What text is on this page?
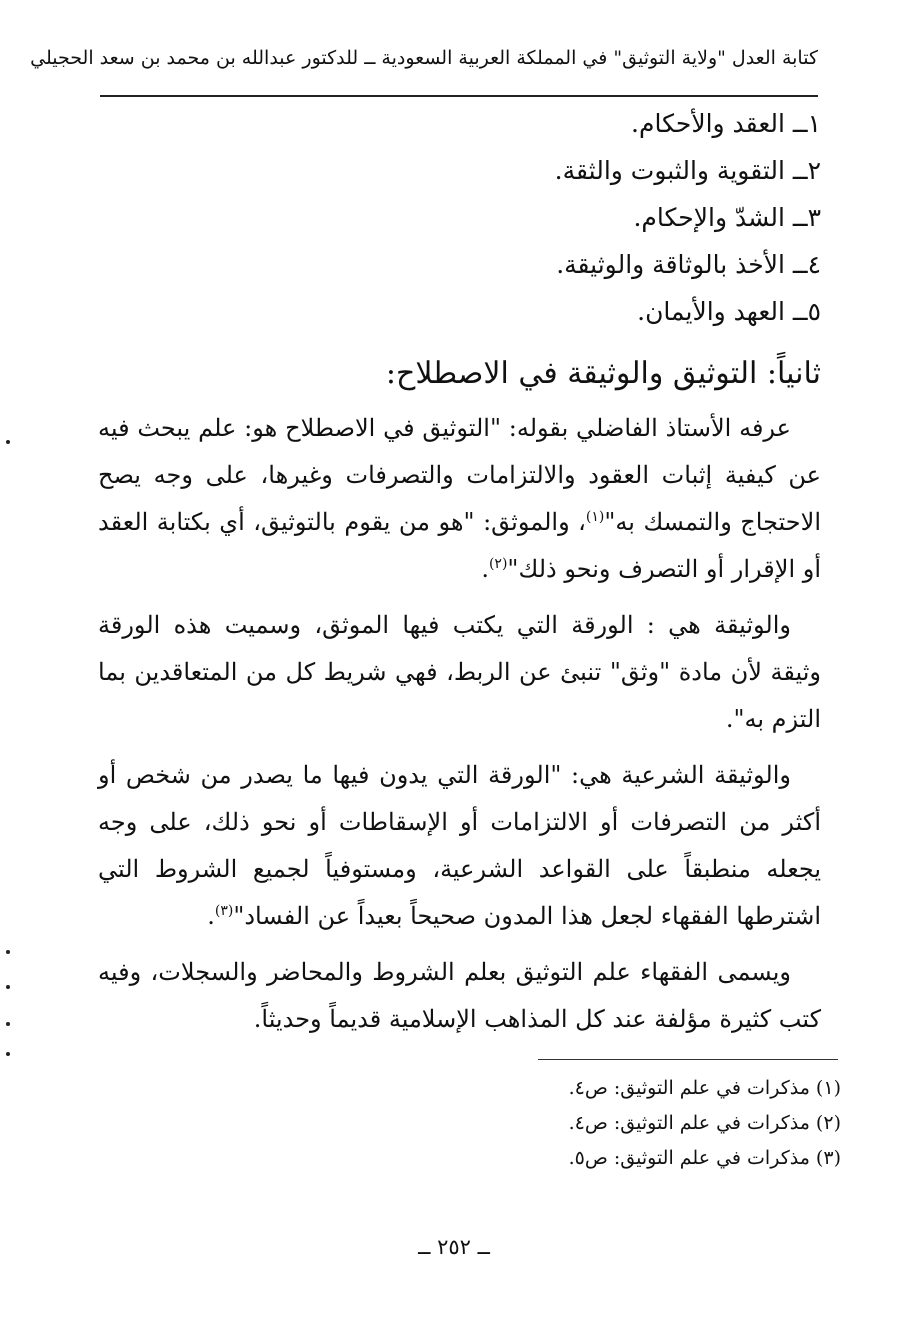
كتابة العدل "ولاية التوثيق" في المملكة العربية السعودية ــ للدكتور عبدالله بن محمد بن سعد الحجيلي
١ــ العقد والأحكام.
٢ــ التقوية والثبوت والثقة.
٣ــ الشدّ والإحكام.
٤ــ الأخذ بالوثاقة والوثيقة.
٥ــ العهد والأيمان.
ثانياً: التوثيق والوثيقة في الاصطلاح:

عرفه الأستاذ الفاضلي بقوله: "التوثيق في الاصطلاح هو: علم يبحث فيه عن كيفية إثبات العقود والالتزامات والتصرفات وغيرها، على وجه يصح الاحتجاج والتمسك به"$^{(١)}$، والموثق: "هو من يقوم بالتوثيق، أي بكتابة العقد أو الإقرار أو التصرف ونحو ذلك"$^{(٢)}$.

والوثيقة هي : الورقة التي يكتب فيها الموثق، وسميت هذه الورقة وثيقة لأن مادة "وثق" تنبئ عن الربط، فهي شريط كل من المتعاقدين بما التزم به".

والوثيقة الشرعية هي: "الورقة التي يدون فيها ما يصدر من شخص أو أكثر من التصرفات أو الالتزامات أو الإسقاطات أو نحو ذلك، على وجه يجعله منطبقاً على القواعد الشرعية، ومستوفياً لجميع الشروط التي اشترطها الفقهاء لجعل هذا المدون صحيحاً بعيداً عن الفساد"$^{(٣)}$.

ويسمى الفقهاء علم التوثيق بعلم الشروط والمحاضر والسجلات، وفيه كتب كثيرة مؤلفة عند كل المذاهب الإسلامية قديماً وحديثاً.

(١) مذكرات في علم التوثيق: ص٤.
(٢) مذكرات في علم التوثيق: ص٤.
(٣) مذكرات في علم التوثيق: ص٥.
ــ ٢٥٢ ــ
